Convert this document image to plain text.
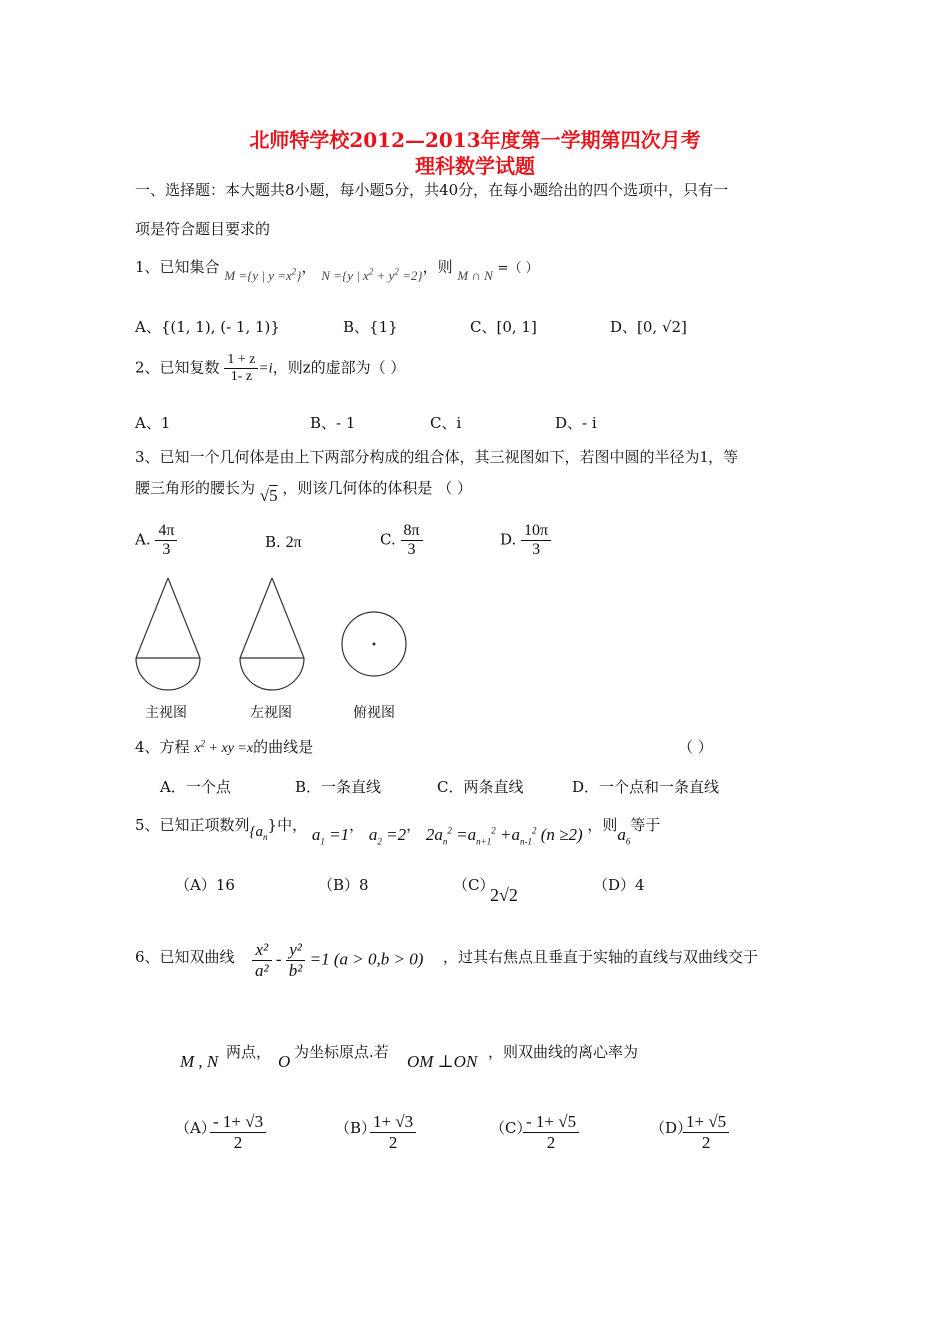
北师特学校2012—2013年度第一学期第四次月考
理科数学试题
一、选择题：本大题共8小题，每小题5分，共40分，在每小题给出的四个选项中，只有一
项是符合题目要求的
1、已知集合 M ={y | $y =x^2$}， N ={y | $x^2 + y^2 =2$}，则 M ∩ N =（ ）
A、{(1, 1), (- 1, 1)}	B、{1}	C、[0, 1]	D、[0, √2]
2、已知复数 $\frac{1 + z}{1- z} =i$，则z的虚部为（ ）
A、1	B、- 1	C、i	D、- i
3、已知一个几何体是由上下两部分构成的组合体，其三视图如下，若图中圆的半径为1，等
腰三角形的腰长为 √5 ，则该几何体的体积是 （ ）
A. $\frac{4\pi}{3}$	B. 2π	C. $\frac{8\pi}{3}$	D. $\frac{10\pi}{3}$
主视图	左视图	俯视图
4、方程 $x^2$ + xy =x的曲线是	（ ）
A．一个点	B．一条直线	C．两条直线	D．一个点和一条直线
5、已知正项数列$\{a_n\}$中， $a_1 =1$， $a_2 =2$， $2a_n^2 =a_{n+1}^2 +a_{n-1}^2$ (n ≥2) ，则$a_6$等于
（A）16	（B）8	（C）
2√2	（D）4
6、已知双曲线 $\frac{\text{x²}}{\text{a²}} - \frac{\text{y²}}{\text{b²}} =1$ (a > 0,b > 0) ，过其右焦点且垂直于实轴的直线与双曲线交于
M , N 两点， O 为坐标原点.若 OM ⊥ON ，则双曲线的离心率为
（A）
$\frac{- 1+ √3}{2}$	（B）
$\frac{1+ √3}{2}$	（C）
$\frac{- 1+ √5}{2}$	（D）
$\frac{1+ √5}{2}$
